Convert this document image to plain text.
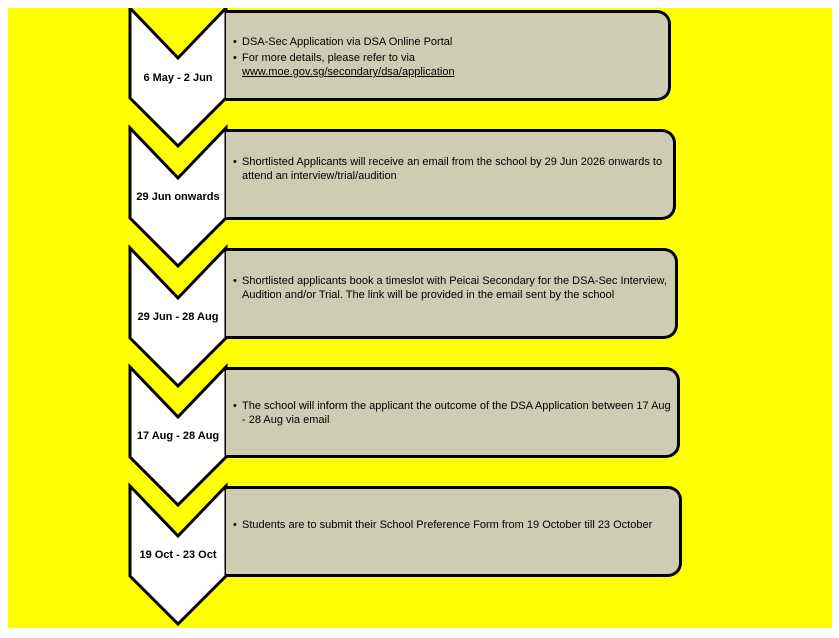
6 May - 2 Jun
• DSA-Sec Application via DSA Online Portal
• For more details, please refer to via
www.moe.gov.sg/secondary/dsa/application
29 Jun onwards
• Shortlisted Applicants will receive an email from the school by 29 Jun 2026 onwards to attend an interview/trial/audition
29 Jun - 28 Aug
• Shortlisted applicants book a timeslot with Peicai Secondary for the DSA-Sec Interview, Audition and/or Trial. The link will be provided in the email sent by the school
17 Aug - 28 Aug
• The school will inform the applicant the outcome of the DSA Application between 17 Aug - 28 Aug via email
19 Oct - 23 Oct
• Students are to submit their School Preference Form from 19 October till 23 October
